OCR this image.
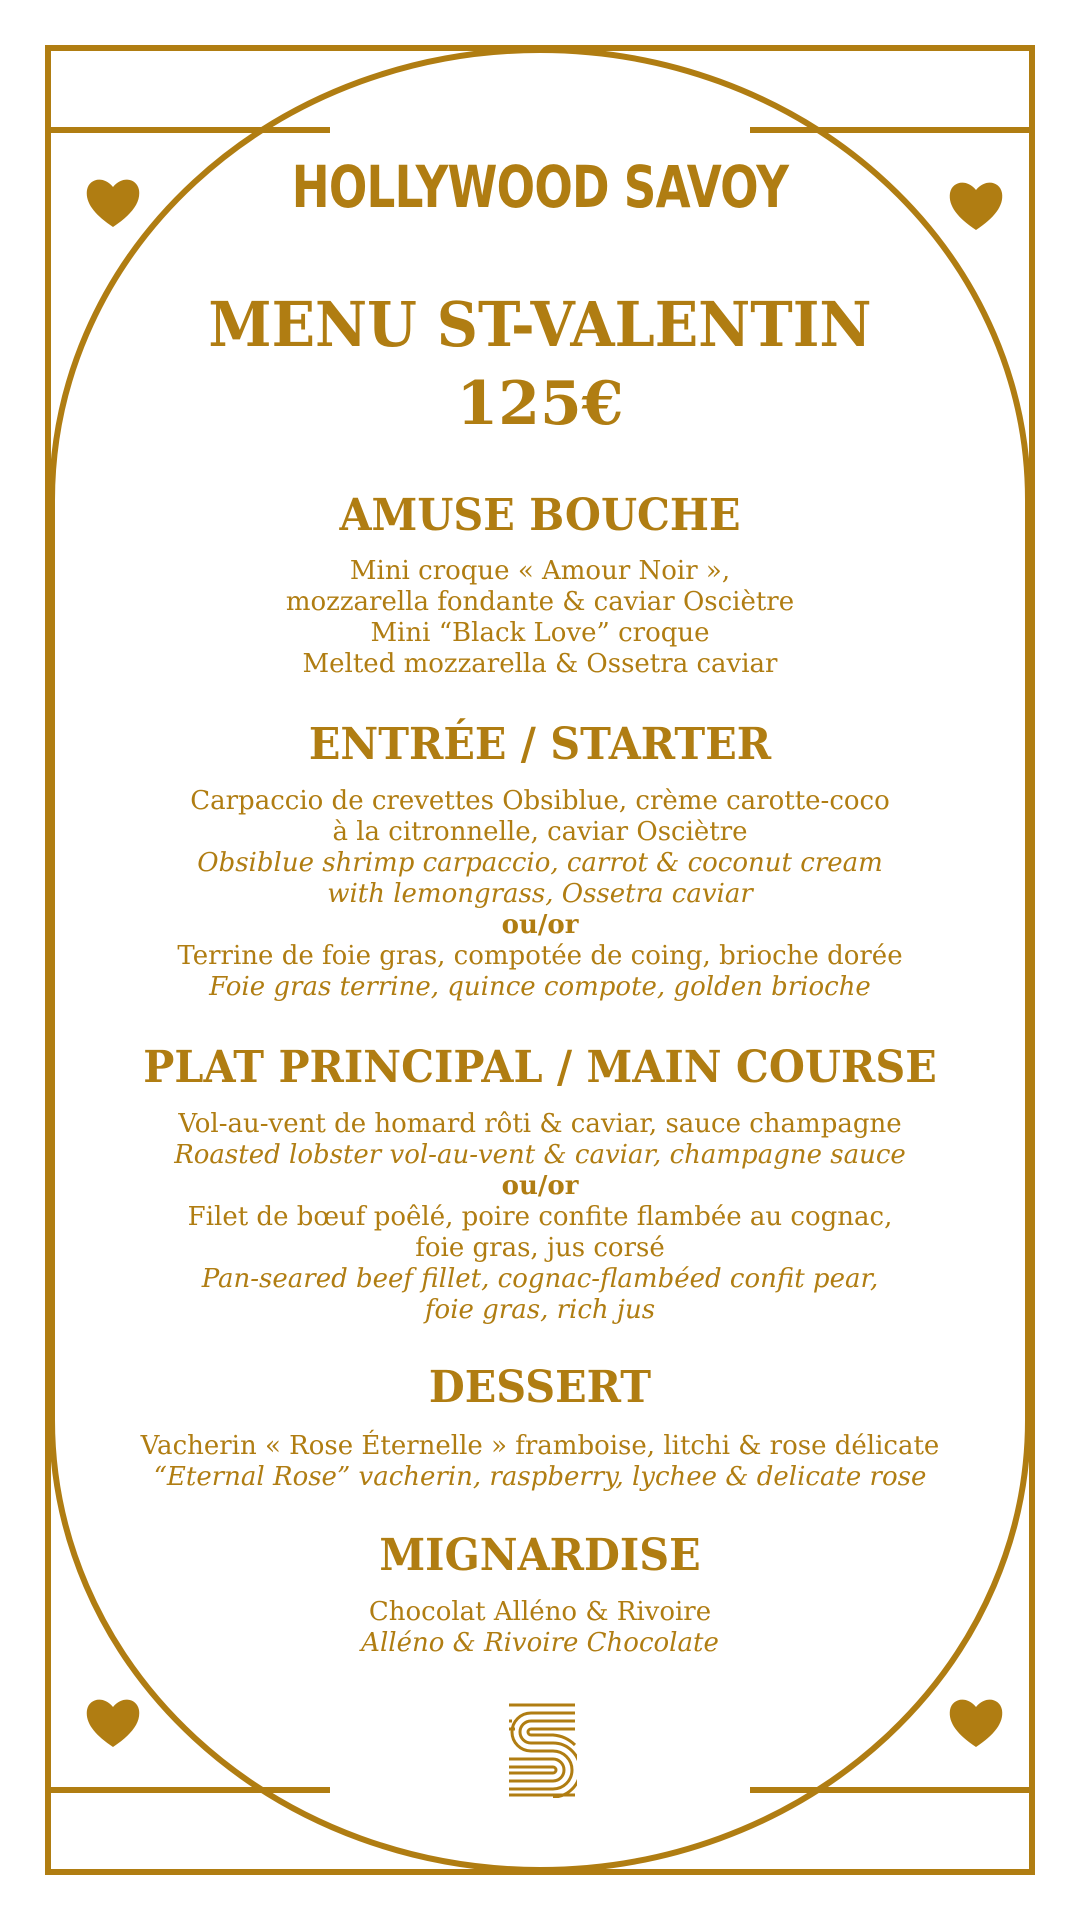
HOLLYWOOD SAVOY
MENU ST-VALENTIN
125€
AMUSE BOUCHE
Mini croque « Amour Noir »,
mozzarella fondante & caviar Osciètre
Mini “Black Love” croque
Melted mozzarella & Ossetra caviar
ENTRÉE / STARTER
Carpaccio de crevettes Obsiblue, crème carotte-coco
à la citronnelle, caviar Osciètre
Obsiblue shrimp carpaccio, carrot & coconut cream
with lemongrass, Ossetra caviar
ou/or
Terrine de foie gras, compotée de coing, brioche dorée
Foie gras terrine, quince compote, golden brioche
PLAT PRINCIPAL / MAIN COURSE
Vol-au-vent de homard rôti & caviar, sauce champagne
Roasted lobster vol-au-vent & caviar, champagne sauce
ou/or
Filet de bœuf poêlé, poire confite flambée au cognac,
foie gras, jus corsé
Pan-seared beef fillet, cognac-flambéed confit pear,
foie gras, rich jus
DESSERT
Vacherin « Rose Éternelle » framboise, litchi & rose délicate
“Eternal Rose” vacherin, raspberry, lychee & delicate rose
MIGNARDISE
Chocolat Alléno & Rivoire
Alléno & Rivoire Chocolate
